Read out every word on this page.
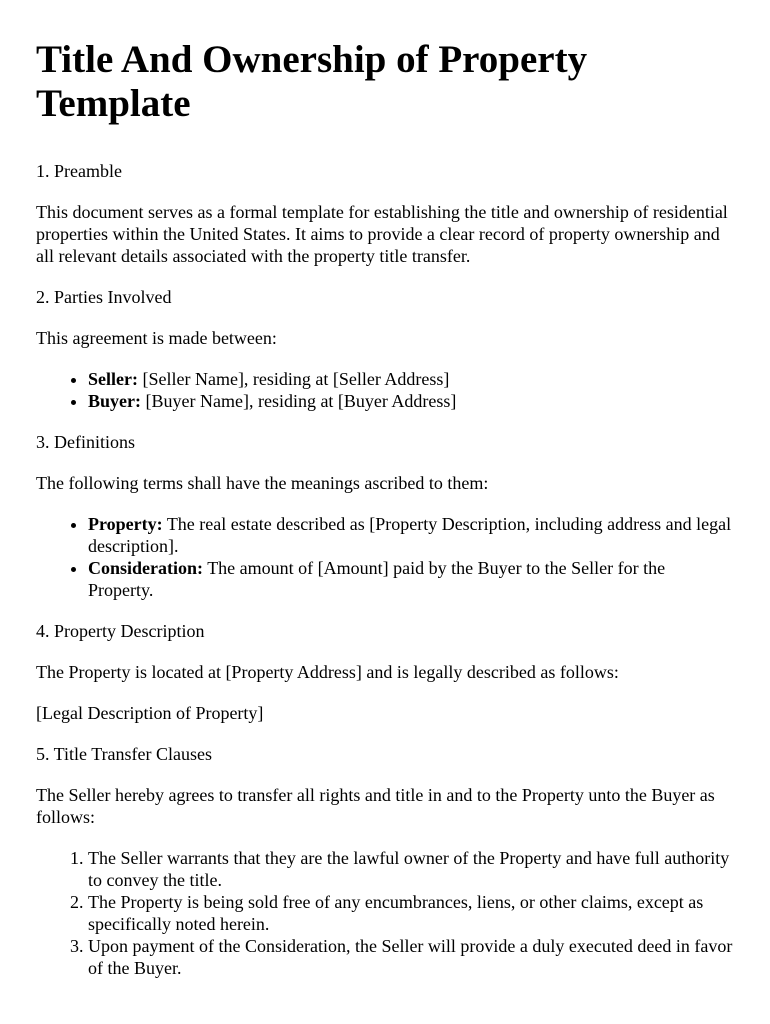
Title And Ownership of Property Template

1. Preamble

This document serves as a formal template for establishing the title and ownership of residential properties within the United States. It aims to provide a clear record of property ownership and all relevant details associated with the property title transfer.

2. Parties Involved

This agreement is made between:

• Seller: [Seller Name], residing at [Seller Address]
• Buyer: [Buyer Name], residing at [Buyer Address]

3. Definitions

The following terms shall have the meanings ascribed to them:

• Property: The real estate described as [Property Description, including address and legal description].
• Consideration: The amount of [Amount] paid by the Buyer to the Seller for the Property.

4. Property Description

The Property is located at [Property Address] and is legally described as follows:

[Legal Description of Property]

5. Title Transfer Clauses

The Seller hereby agrees to transfer all rights and title in and to the Property unto the Buyer as follows:

1. The Seller warrants that they are the lawful owner of the Property and have full authority to convey the title.
2. The Property is being sold free of any encumbrances, liens, or other claims, except as specifically noted herein.
3. Upon payment of the Consideration, the Seller will provide a duly executed deed in favor of the Buyer.
